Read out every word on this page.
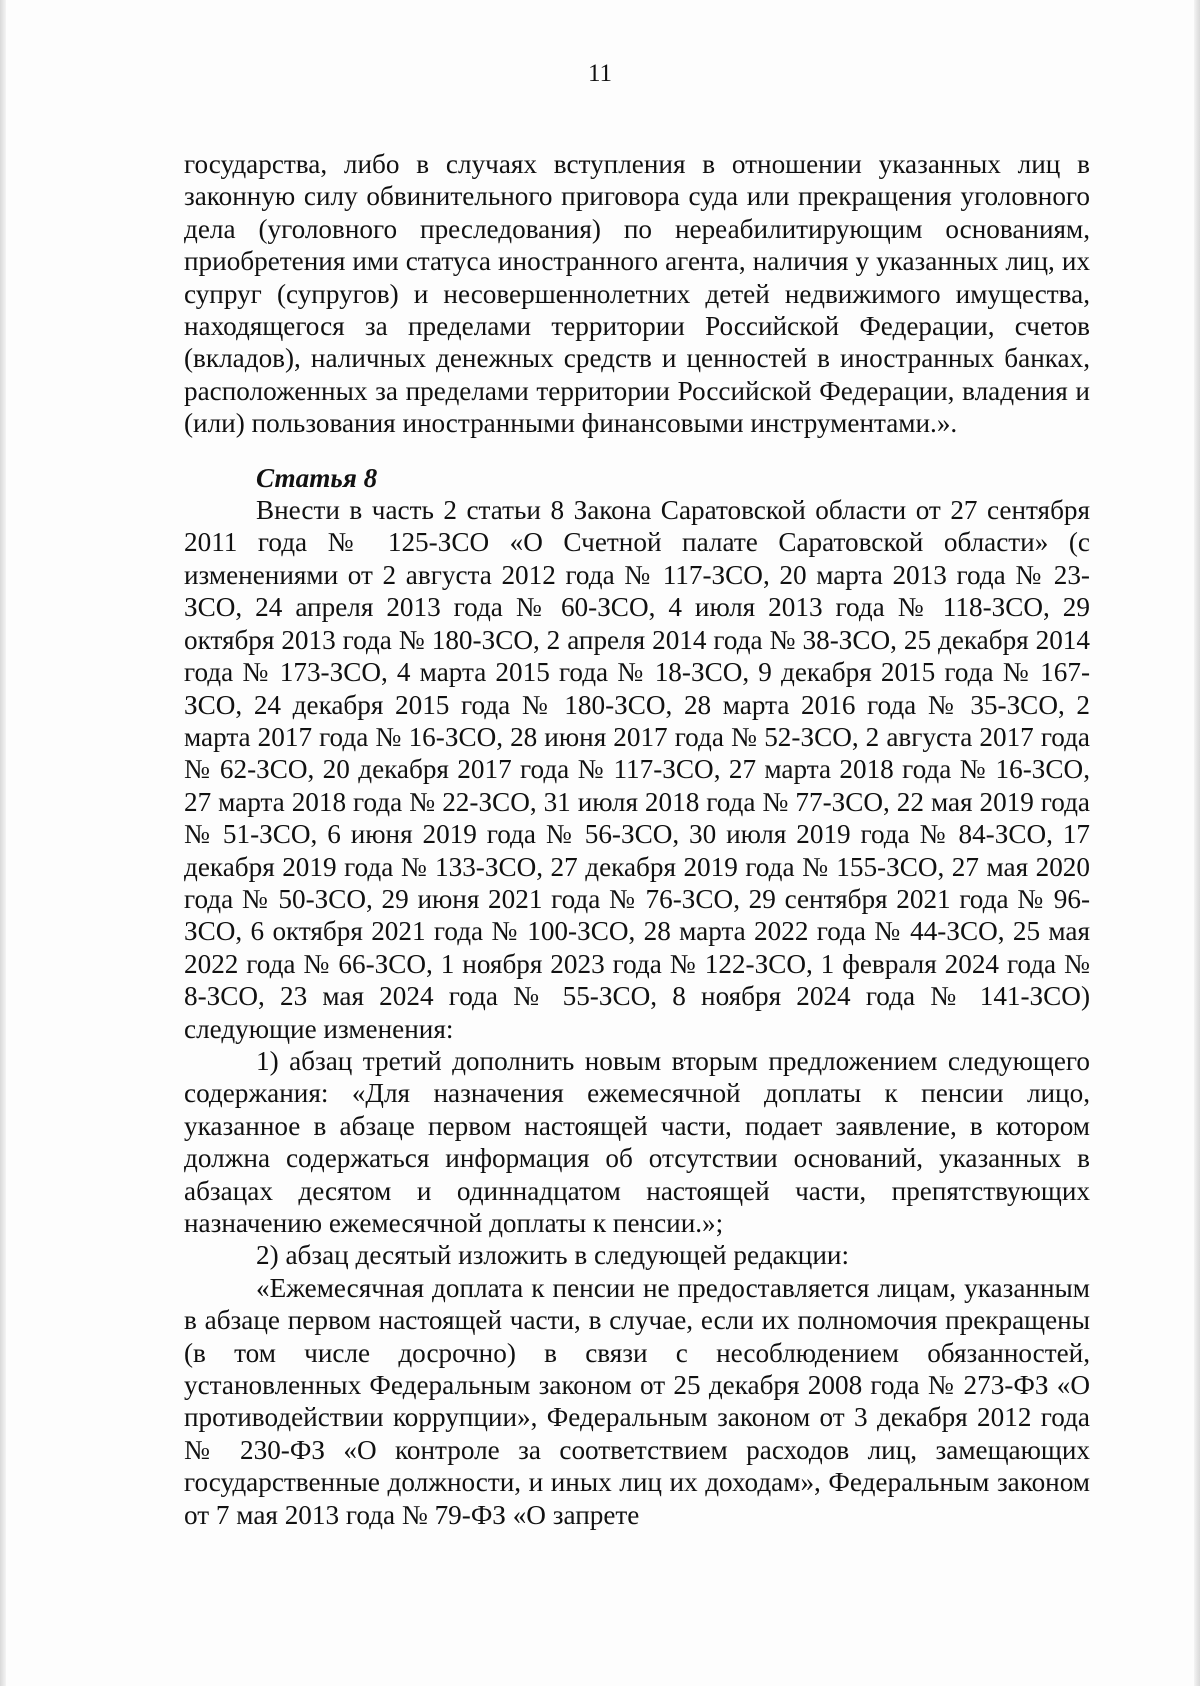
11

государства, либо в случаях вступления в отношении указанных лиц в законную силу обвинительного приговора суда или прекращения уголовного дела (уголовного преследования) по нереабилитирующим основаниям, приобретения ими статуса иностранного агента, наличия у указанных лиц, их супруг (супругов) и несовершеннолетних детей недвижимого имущества, находящегося за пределами территории Российской Федерации, счетов (вкладов), наличных денежных средств и ценностей в иностранных банках, расположенных за пределами территории Российской Федерации, владения и (или) пользования иностранными финансовыми инструментами.».

Статья 8

Внести в часть 2 статьи 8 Закона Саратовской области от 27 сентября 2011 года № 125-ЗСО «О Счетной палате Саратовской области» (с изменениями от 2 августа 2012 года № 117-ЗСО, 20 марта 2013 года № 23-ЗСО, 24 апреля 2013 года № 60-ЗСО, 4 июля 2013 года № 118-ЗСО, 29 октября 2013 года № 180-ЗСО, 2 апреля 2014 года № 38-ЗСО, 25 декабря 2014 года № 173-ЗСО, 4 марта 2015 года № 18-ЗСО, 9 декабря 2015 года № 167-ЗСО, 24 декабря 2015 года № 180-ЗСО, 28 марта 2016 года № 35-ЗСО, 2 марта 2017 года № 16-ЗСО, 28 июня 2017 года № 52-ЗСО, 2 августа 2017 года № 62-ЗСО, 20 декабря 2017 года № 117-ЗСО, 27 марта 2018 года № 16-ЗСО, 27 марта 2018 года № 22-ЗСО, 31 июля 2018 года № 77-ЗСО, 22 мая 2019 года № 51-ЗСО, 6 июня 2019 года № 56-ЗСО, 30 июля 2019 года № 84-ЗСО, 17 декабря 2019 года № 133-ЗСО, 27 декабря 2019 года № 155-ЗСО, 27 мая 2020 года № 50-ЗСО, 29 июня 2021 года № 76-ЗСО, 29 сентября 2021 года № 96-ЗСО, 6 октября 2021 года № 100-ЗСО, 28 марта 2022 года № 44-ЗСО, 25 мая 2022 года № 66-ЗСО, 1 ноября 2023 года № 122-ЗСО, 1 февраля 2024 года № 8-ЗСО, 23 мая 2024 года № 55-ЗСО, 8 ноября 2024 года № 141-ЗСО) следующие изменения:

1) абзац третий дополнить новым вторым предложением следующего содержания: «Для назначения ежемесячной доплаты к пенсии лицо, указанное в абзаце первом настоящей части, подает заявление, в котором должна содержаться информация об отсутствии оснований, указанных в абзацах десятом и одиннадцатом настоящей части, препятствующих назначению ежемесячной доплаты к пенсии.»;

2) абзац десятый изложить в следующей редакции:

«Ежемесячная доплата к пенсии не предоставляется лицам, указанным в абзаце первом настоящей части, в случае, если их полномочия прекращены (в том числе досрочно) в связи с несоблюдением обязанностей, установленных Федеральным законом от 25 декабря 2008 года № 273-ФЗ «О противодействии коррупции», Федеральным законом от 3 декабря 2012 года № 230-ФЗ «О контроле за соответствием расходов лиц, замещающих государственные должности, и иных лиц их доходам», Федеральным законом от 7 мая 2013 года № 79-ФЗ «О запрете
